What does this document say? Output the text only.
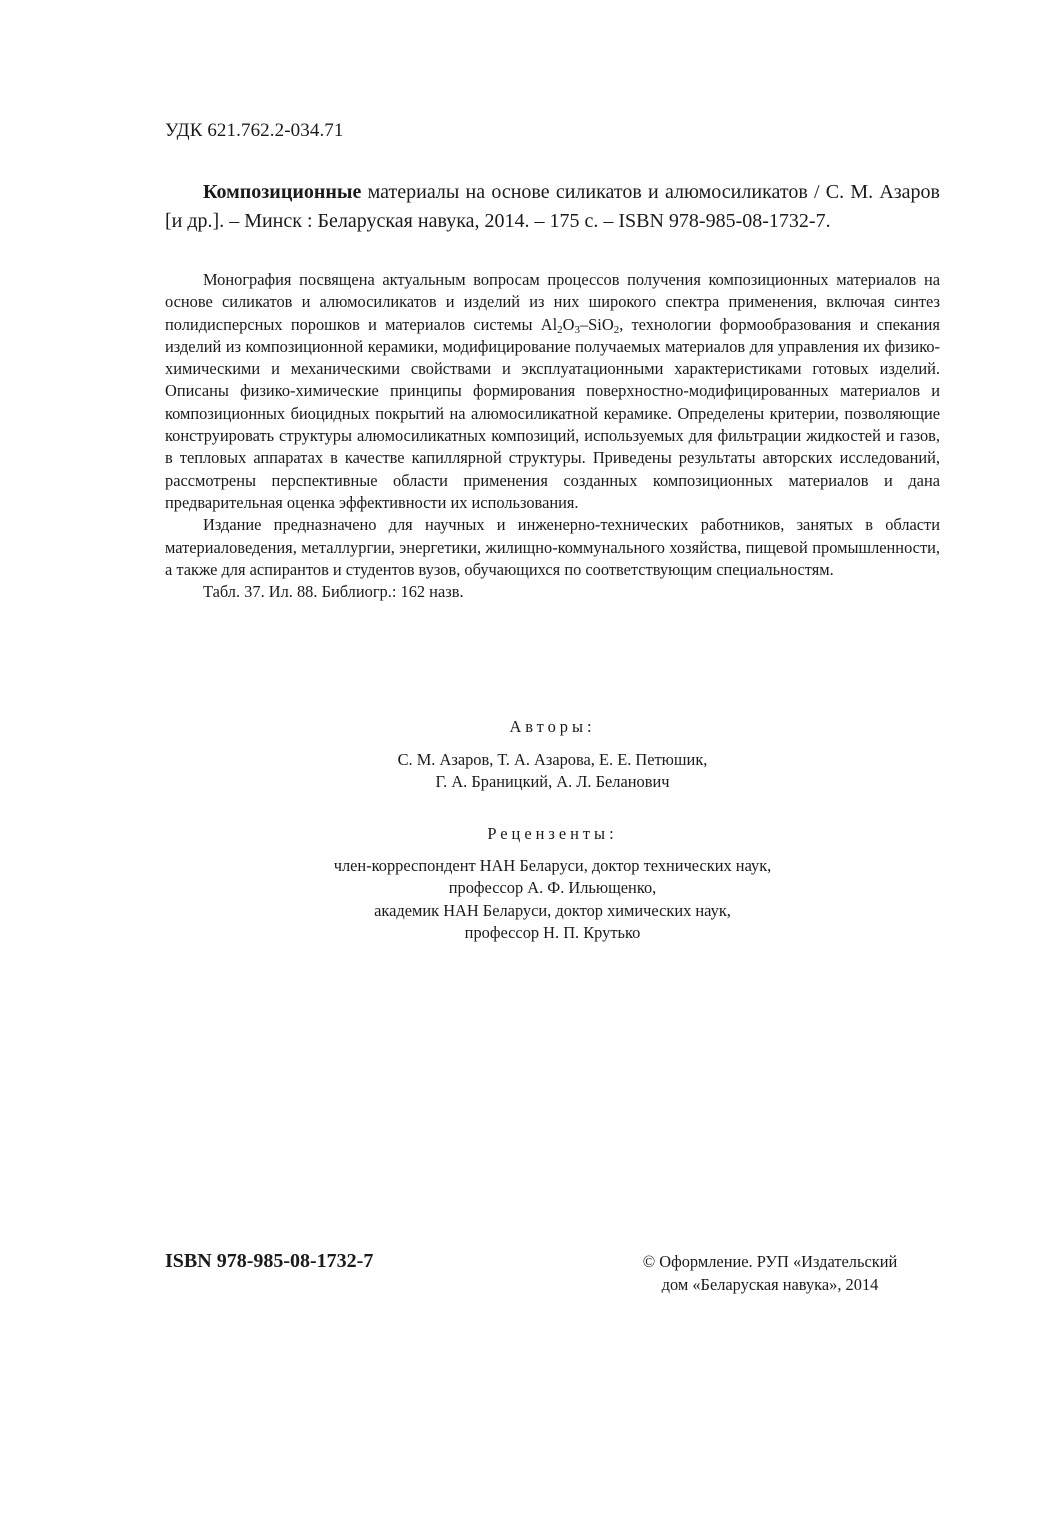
УДК 621.762.2-034.71
Композиционные материалы на основе силикатов и алюмосиликатов / С. М. Азаров [и др.]. – Минск : Беларуская навука, 2014. – 175 с. – ISBN 978-985-08-1732-7.

Монография посвящена актуальным вопросам процессов получения композиционных материалов на основе силикатов и алюмосиликатов и изделий из них широкого спектра применения, включая синтез полидисперсных порошков и материалов системы $Al_2O_3-SiO_2$, технологии формообразования и спекания изделий из композиционной керамики, модифицирование получаемых материалов для управления их физико-химическими и механическими свойствами и эксплуатационными характеристиками готовых изделий. Описаны физико-химические принципы формирования поверхностно-модифицированных материалов и композиционных биоцидных покрытий на алюмосиликатной керамике. Определены критерии, позволяющие конструировать структуры алюмосиликатных композиций, используемых для фильтрации жидкостей и газов, в тепловых аппаратах в качестве капиллярной структуры. Приведены результаты авторских исследований, рассмотрены перспективные области применения созданных композиционных материалов и дана предварительная оценка эффективности их использования.

Издание предназначено для научных и инженерно-технических работников, занятых в области материаловедения, металлургии, энергетики, жилищно-коммунального хозяйства, пищевой промышленности, а также для аспирантов и студентов вузов, обучающихся по соответствующим специальностям.

Табл. 37. Ил. 88. Библиогр.: 162 назв.

Авторы:
С. М. Азаров, Т. А. Азарова, Е. Е. Петюшик,
Г. А. Браницкий, А. Л. Беланович
Рецензенты:
член-корреспондент НАН Беларуси, доктор технических наук,
профессор А. Ф. Ильющенко,
академик НАН Беларуси, доктор химических наук,
профессор Н. П. Крутько
ISBN 978-985-08-1732-7	© Оформление. РУП «Издательский
дом «Беларуская навука», 2014
